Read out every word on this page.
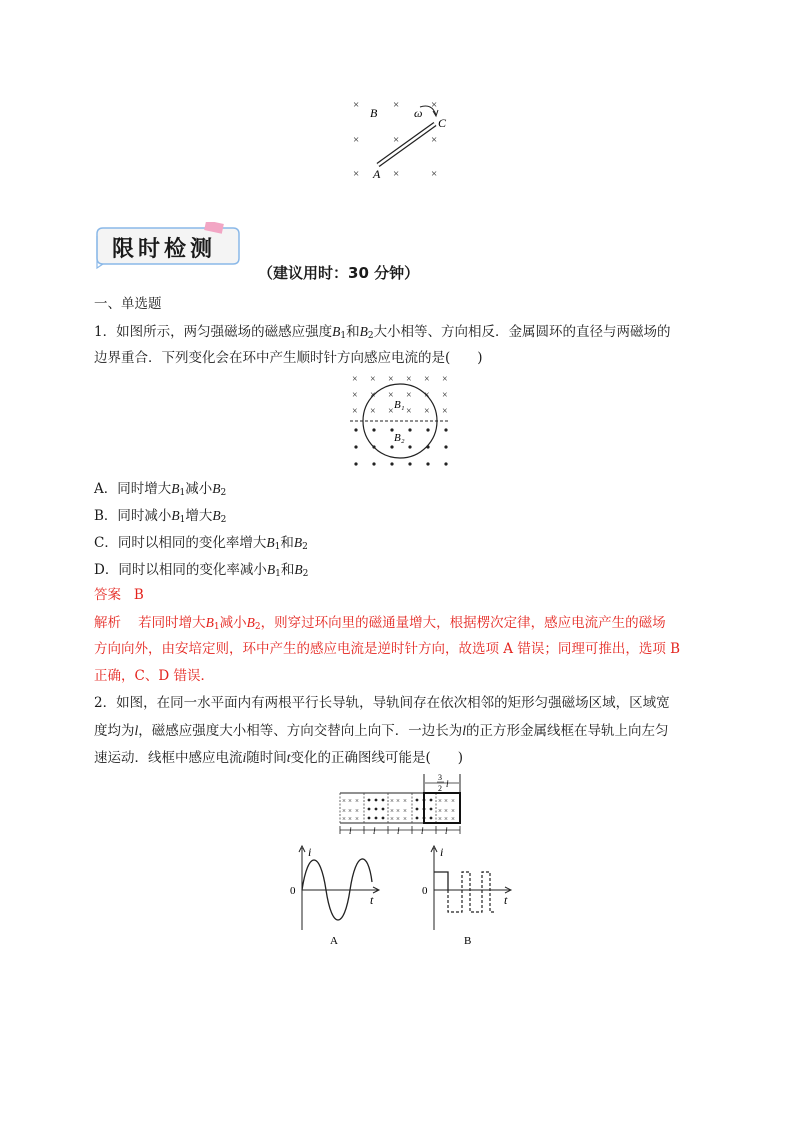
×	×	×
×	×	×
×	×	×
B	ω
C
A
限时检测
（建议用时：30 分钟）
一、单选题
1．如图所示，两匀强磁场的磁感应强度$B_1$和$B_2$大小相等、方向相反．金属圆环的直径与两磁场的
边界重合．下列变化会在环中产生顺时针方向感应电流的是(　　)
× × × × × ×
× × × × × ×
× × × × × ×
B₁
B₂
A．同时增大$B_1$减小$B_2$
B．同时减小$B_1$增大$B_2$
C．同时以相同的变化率增大$B_1$和$B_2$
D．同时以相同的变化率减小$B_1$和$B_2$
答案 B
解析 若同时增大$B_1$减小$B_2$，则穿过环向里的磁通量增大，根据楞次定律，感应电流产生的磁场
方向向外，由安培定则，环中产生的感应电流是逆时针方向，故选项 A 错误；同理可推出，选项 B
正确，C、D 错误．
2．如图，在同一水平面内有两根平行长导轨，导轨间存在依次相邻的矩形匀强磁场区域，区域宽
度均为l，磁感应强度大小相等、方向交替向上向下．一边长为l的正方形金属线框在导轨上向左匀
速运动．线框中感应电流i随时间t变化的正确图线可能是(　　)
3
2 l
× × ×
× × ×
× × ×
× × ×
× × ×
× × ×
× × ×	× × ×	× × ×
l l l l l
i
t
0
A
i
t
0
B
